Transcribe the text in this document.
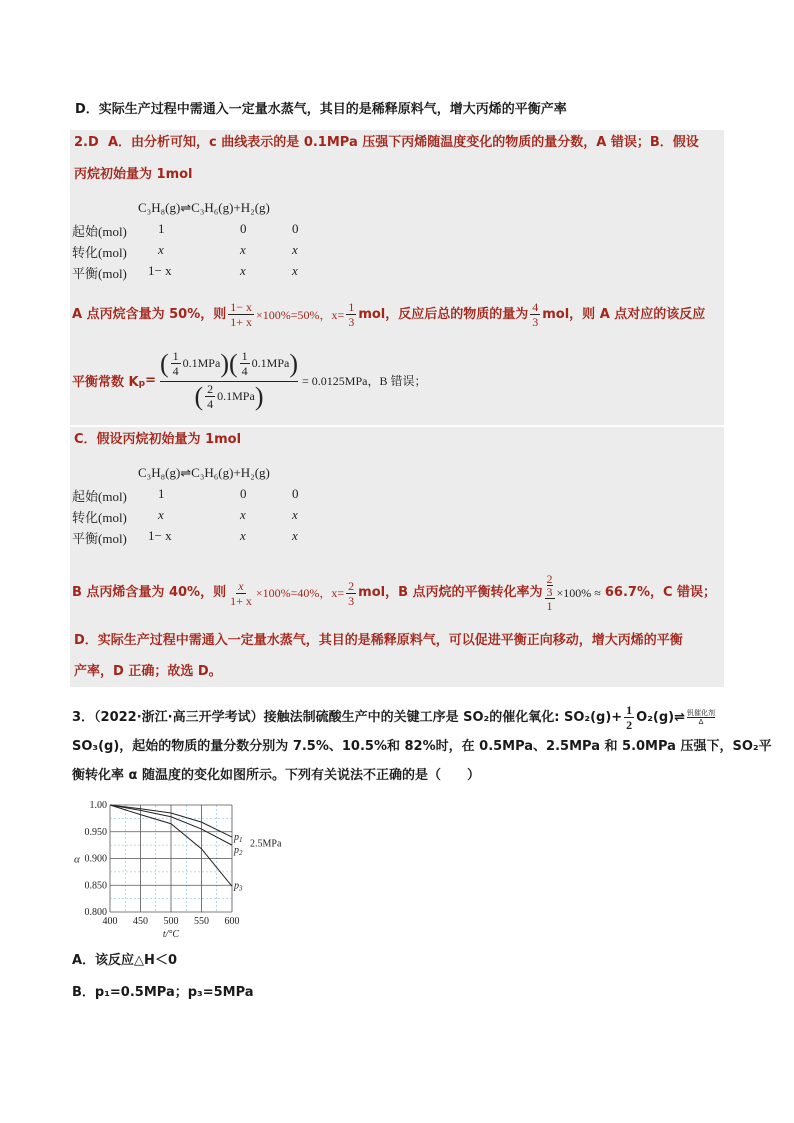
D．实际生产过程中需通入一定量水蒸气，其目的是稀释原料气，增大丙烯的平衡产率
2.D A．由分析可知，c 曲线表示的是 0.1MPa 压强下丙烯随温度变化的物质的量分数，A 错误；B．假设
丙烷初始量为 1mol
C₃H₈(g)⇌C₃H₆(g)+H₂(g)
起始(mol) 1	0	0
转化(mol) x	x	x
平衡(mol) 1− x	x	x
A 点丙烷含量为 50%，则 $\frac{1- x}{1+ x} \times 100\%=50\%$，$x= \frac{1}{3}$ mol，反应后总的物质的量为 $\frac{4}{3}$ mol，则 A 点对应的该反应
平衡常数 K p =
( $\frac{1}{4} 0.1MPa$ ) ( $\frac{1}{4} 0.1MPa$ )
( $\frac{2}{4} 0.1MPa$ )
= 0.0125MPa，B 错误；
C．假设丙烷初始量为 1mol
C₃H₈(g)⇌C₃H₆(g)+H₂(g)
起始(mol) 1	0	0
转化(mol) x	x	x
平衡(mol) 1− x	x	x
B 点丙烯含量为 40%，则 $\frac{x}{1+ x} \times 100\%=40\%$，$x= \frac{2}{3}$ mol，B 点丙烷的平衡转化率为 $\frac{\frac{2}{3}}{1} \times 100\% \approx 66.7\%$，C 错误；
D．实际生产过程中需通入一定量水蒸气，其目的是稀释原料气，可以促进平衡正向移动，增大丙烯的平衡
产率，D 正确；故选 D。
3．（2022·浙江·高三开学考试）接触法制硫酸生产中的关键工序是 SO₂的催化氧化: $SO_2(g)+ \frac{1}{2}$ O₂(g)⇌ 钒催化剂
Δ
SO₃(g)，起始的物质的量分数分别为 7.5%、10.5%和 82%时，在 0.5MPa、2.5MPa 和 5.0MPa 压强下，SO₂平
衡转化率 α 随温度的变化如图所示。下列有关说法不正确的是（　　）
400 450 500 550 600
1.00
0.950
0.900
0.850
0.800
t/°C
α
$p_1$
$p_2$
$p_3$
2.5MPa
A．该反应△H＜0
B．p₁=0.5MPa；p₃=5MPa
